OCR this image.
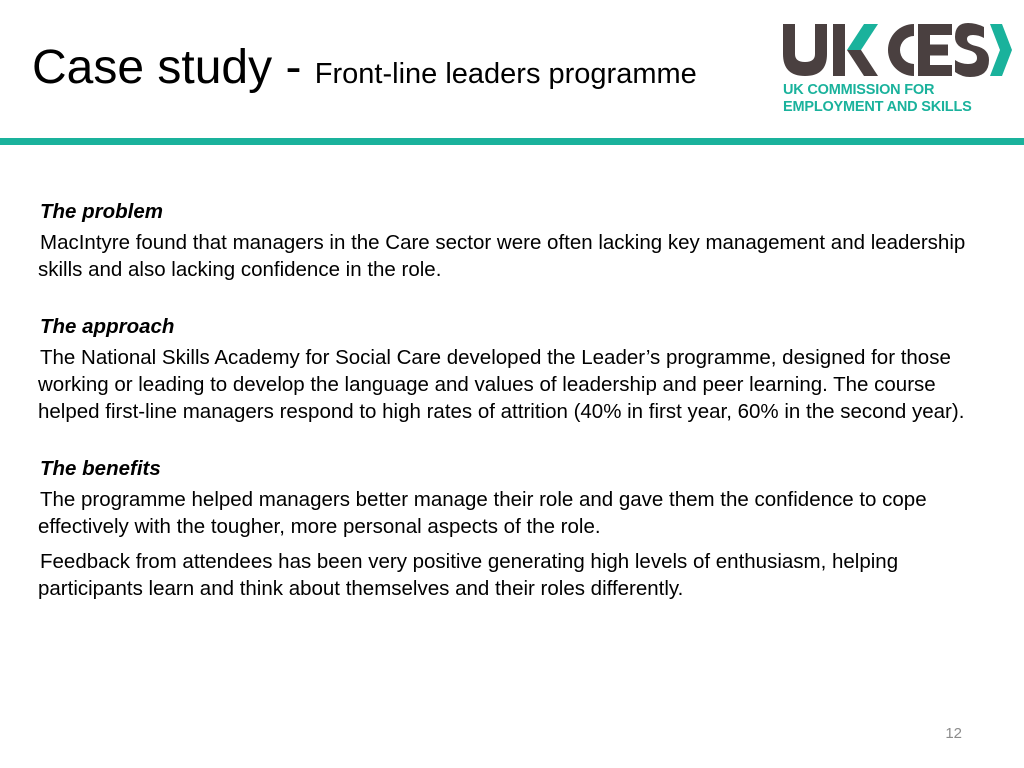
Case study - Front-line leaders programme	UK COMMISSION FOR
EMPLOYMENT AND SKILLS

The problem

MacIntyre found that managers in the Care sector were often lacking key management and leadership skills and also lacking confidence in the role.

The approach

The National Skills Academy for Social Care developed the Leader’s programme, designed for those working or leading to develop the language and values of leadership and peer learning. The course helped first-line managers respond to high rates of attrition (40% in first year, 60% in the second year).

The benefits

The programme helped managers better manage their role and gave them the confidence to cope effectively with the tougher, more personal aspects of the role.

Feedback from attendees has been very positive generating high levels of enthusiasm, helping participants learn and think about themselves and their roles differently.

12
